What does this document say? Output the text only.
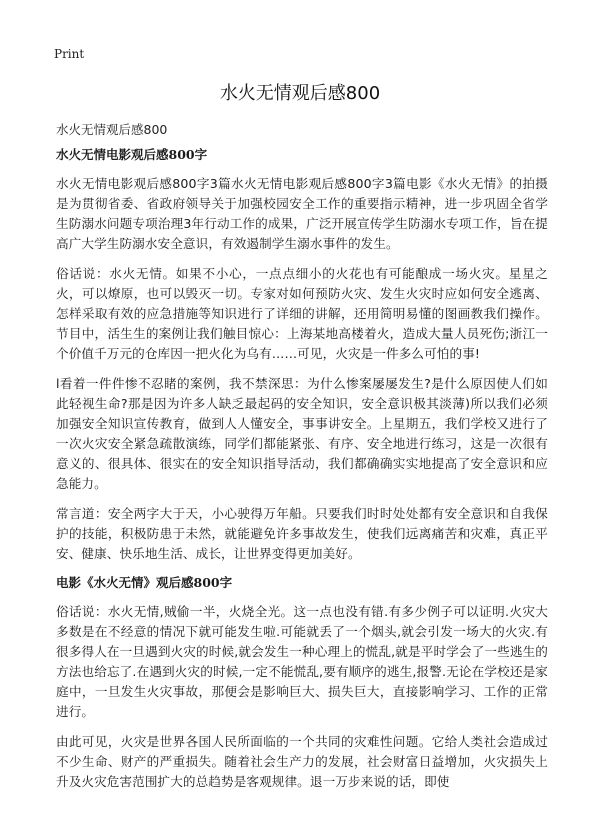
Print
水火无情观后感800
水火无情观后感800
水火无情电影观后感800字

水火无情电影观后感800字3篇水火无情电影观后感800字3篇电影《水火无情》的拍摄是为贯彻省委、省政府领导关于加强校园安全工作的重要指示精神，进一步巩固全省学生防溺水问题专项治理3年行动工作的成果，广泛开展宣传学生防溺水专项工作，旨在提高广大学生防溺水安全意识，有效遏制学生溺水事件的发生。

俗话说：水火无情。如果不小心，一点点细小的火花也有可能酿成一场火灾。星星之火，可以燎原，也可以毁灭一切。专家对如何预防火灾、发生火灾时应如何安全逃离、怎样采取有效的应急措施等知识进行了详细的讲解，还用简明易懂的图画教我们操作。节目中，活生生的案例让我们触目惊心：上海某地高楼着火，造成大量人员死伤;浙江一个价值千万元的仓库因一把火化为乌有……可见，火灾是一件多么可怕的事!

l看着一件件惨不忍睹的案例，我不禁深思：为什么惨案屡屡发生?是什么原因使人们如此轻视生命?那是因为许多人缺乏最起码的安全知识，安全意识极其淡薄)所以我们必须加强安全知识宣传教育，做到人人懂安全，事事讲安全。上星期五，我们学校又进行了一次火灾安全紧急疏散演练，同学们都能紧张、有序、安全地进行练习，这是一次很有意义的、很具体、很实在的安全知识指导活动，我们都确确实实地提高了安全意识和应急能力。

常言道：安全两字大于天，小心驶得万年船。只要我们时时处处都有安全意识和自我保护的技能，积极防患于未然，就能避免许多事故发生，使我们远离痛苦和灾难，真正平安、健康、快乐地生活、成长，让世界变得更加美好。

电影《水火无情》观后感800字

俗话说：水火无情,贼偷一半，火烧全光。这一点也没有错.有多少例子可以证明.火灾大多数是在不经意的情况下就可能发生啦.可能就丢了一个烟头,就会引发一场大的火灾.有很多得人在一旦遇到火灾的时候,就会发生一种心理上的慌乱,就是平时学会了一些逃生的方法也给忘了.在遇到火灾的时候,一定不能慌乱,要有顺序的逃生,报警.无论在学校还是家庭中，一旦发生火灾事故，那便会是影响巨大、损失巨大，直接影响学习、工作的正常进行。

由此可见，火灾是世界各国人民所面临的一个共同的灾难性问题。它给人类社会造成过不少生命、财产的严重损失。随着社会生产力的发展，社会财富日益增加，火灾损失上升及火灾危害范围扩大的总趋势是客观规律。退一万步来说的话，即使
